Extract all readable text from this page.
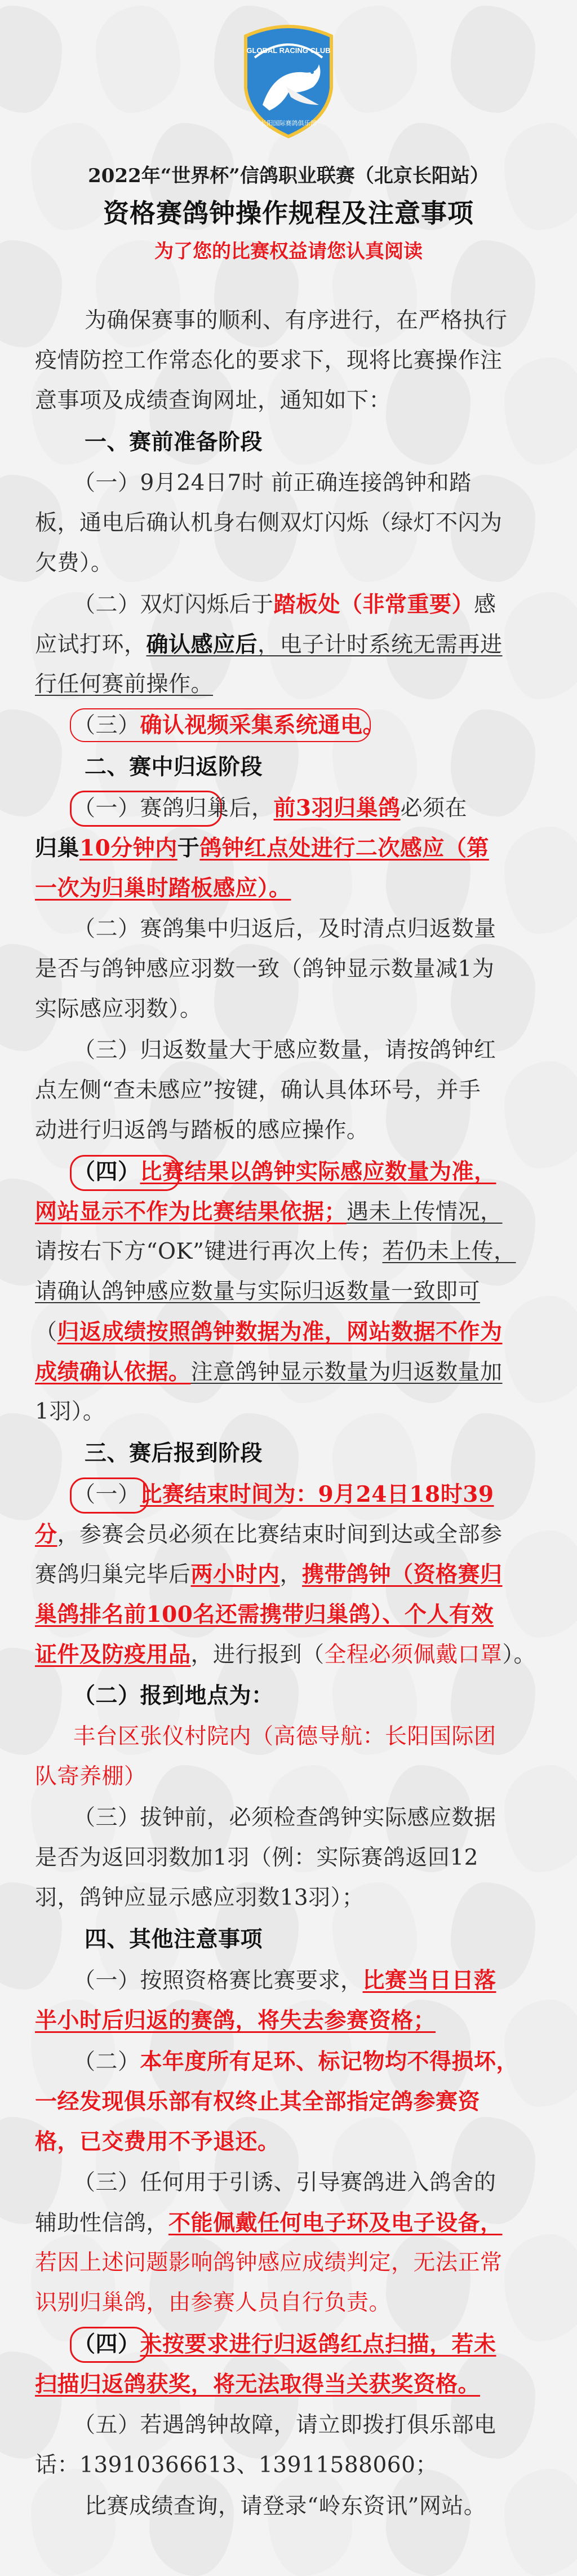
GLOBAL RACING CLUB
长阳国际赛鸽俱乐部
2022年“世界杯”信鸽职业联赛（北京长阳站）
资格赛鸽钟操作规程及注意事项
为了您的比赛权益请您认真阅读
为确保赛事的顺利、有序进行，在严格执行
疫情防控工作常态化的要求下，现将比赛操作注
意事项及成绩查询网址，通知如下：
一、赛前准备阶段
（一）9月24日7时 前正确连接鸽钟和踏
板，通电后确认机身右侧双灯闪烁（绿灯不闪为
欠费）。
（二）双灯闪烁后于踏板处（非常重要）感
应试打环，确认感应后，电子计时系统无需再进
行任何赛前操作。
（三）确认视频采集系统通电。
二、赛中归返阶段
（一）赛鸽归巢后，前3羽归巢鸽必须在
归巢10分钟内于鸽钟红点处进行二次感应（第
一次为归巢时踏板感应）。
（二）赛鸽集中归返后，及时清点归返数量
是否与鸽钟感应羽数一致（鸽钟显示数量减1为
实际感应羽数）。
（三）归返数量大于感应数量，请按鸽钟红
点左侧“查未感应”按键，确认具体环号，并手
动进行归返鸽与踏板的感应操作。
（四）比赛结果以鸽钟实际感应数量为准，
网站显示不作为比赛结果依据；遇未上传情况，
请按右下方“OK”键进行再次上传；若仍未上传，
请确认鸽钟感应数量与实际归返数量一致即可
（归返成绩按照鸽钟数据为准，网站数据不作为
成绩确认依据。注意鸽钟显示数量为归返数量加
1羽）。
三、赛后报到阶段
（一）比赛结束时间为：9月24日18时39
分，参赛会员必须在比赛结束时间到达或全部参
赛鸽归巢完毕后两小时内，携带鸽钟（资格赛归
巢鸽排名前100名还需携带归巢鸽）、个人有效
证件及防疫用品，进行报到（全程必须佩戴口罩）。
（二）报到地点为：
丰台区张仪村院内（高德导航：长阳国际团
队寄养棚）
（三）拔钟前，必须检查鸽钟实际感应数据
是否为返回羽数加1羽（例：实际赛鸽返回12
羽，鸽钟应显示感应羽数13羽）；
四、其他注意事项
（一）按照资格赛比赛要求，比赛当日日落
半小时后归返的赛鸽，将失去参赛资格；
（二）本年度所有足环、标记物均不得损坏，
一经发现俱乐部有权终止其全部指定鸽参赛资
格，已交费用不予退还。
（三）任何用于引诱、引导赛鸽进入鸽舍的
辅助性信鸽，不能佩戴任何电子环及电子设备，
若因上述问题影响鸽钟感应成绩判定，无法正常
识别归巢鸽，由参赛人员自行负责。
（四）未按要求进行归返鸽红点扫描，若未
扫描归返鸽获奖，将无法取得当关获奖资格。
（五）若遇鸽钟故障，请立即拨打俱乐部电
话：13910366613、13911588060；
比赛成绩查询，请登录“岭东资讯”网站。
